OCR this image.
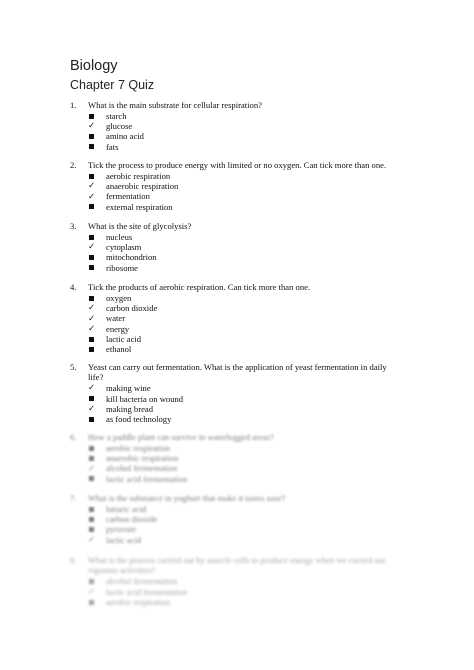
Biology
Chapter 7 Quiz
1.	What is the main substrate for cellular respiration?
starch
✓ glucose
amino acid
fats
2.	Tick the process to produce energy with limited or no oxygen. Can tick more than one.
aerobic respiration
✓ anaerobic respiration
✓ fermentation
external respiration
3.	What is the site of glycolysis?
nucleus
✓ cytoplasm
mitochondrion
ribosome
4.	Tick the products of aerobic respiration. Can tick more than one.
oxygen
✓ carbon dioxide
✓ water
✓ energy
lactic acid
ethanol
5.	Yeast can carry out fermentation. What is the application of yeast fermentation in daily life?
✓ making wine
kill bacteria on wound
✓ making bread
as food technology
6.	How a paddle plant can survive in waterlogged areas?
aerobic respiration
anaerobic respiration
✓ alcohol fermentation
lactic acid fermentation
7.	What is the substance in yoghurt that make it tastes sour?
lattaric acid
carbon dioxide
pyruvate
✓ lactic acid
8.	What is the process carried out by muscle cells to produce energy when we carried out vigorous activities?
alcohol fermentation
✓ lactic acid fermentation
aerobic respiration
